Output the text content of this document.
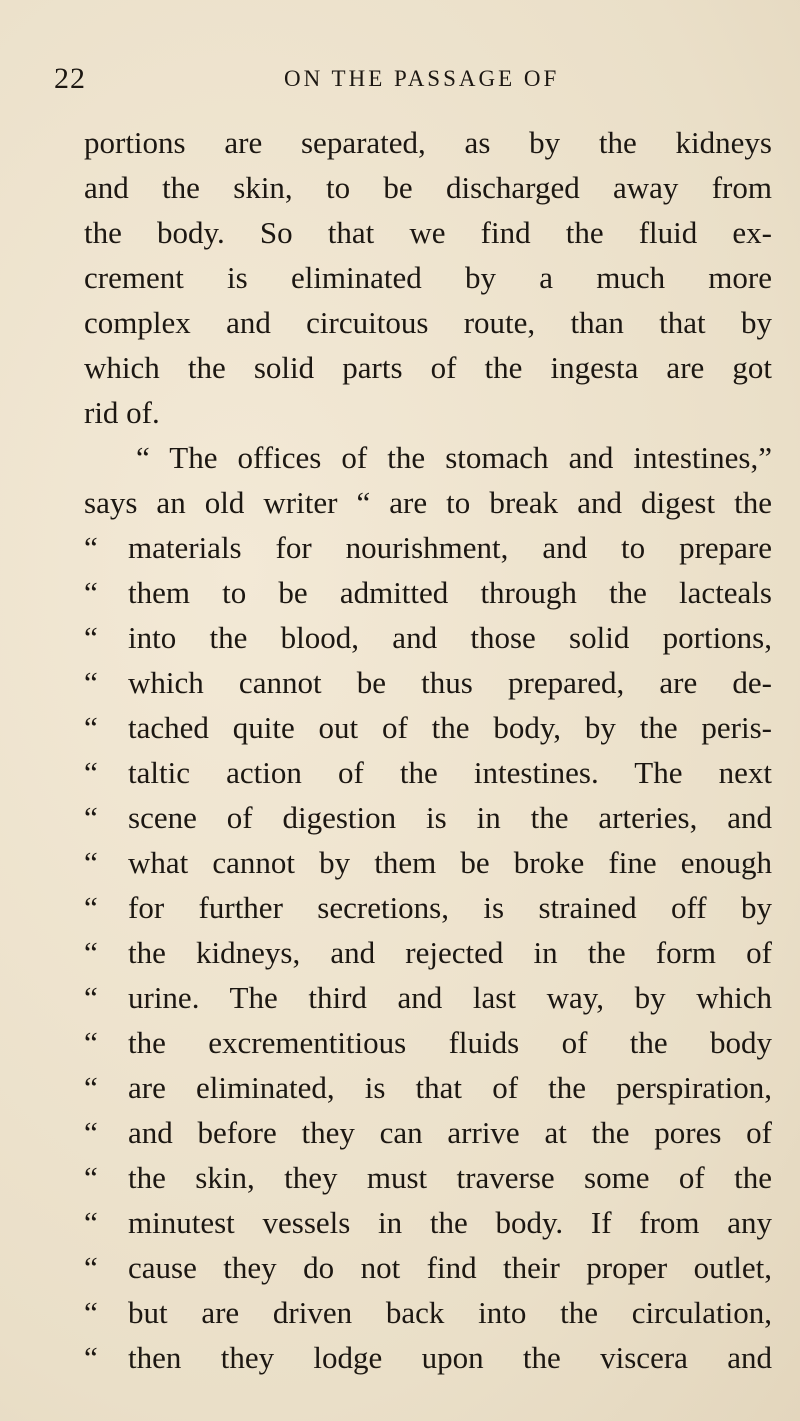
22	ON THE PASSAGE OF
portions are separated, as by the kidneys
and the skin, to be discharged away from
the body. So that we find the fluid ex-
crement is eliminated by a much more
complex and circuitous route, than that by
which the solid parts of the ingesta are got
rid of.
“ The offices of the stomach and intestines,”
says an old writer “ are to break and digest the
“ materials for nourishment, and to prepare
“ them to be admitted through the lacteals
“ into the blood, and those solid portions,
“ which cannot be thus prepared, are de-
“ tached quite out of the body, by the peris-
“ taltic action of the intestines. The next
“ scene of digestion is in the arteries, and
“ what cannot by them be broke fine enough
“ for further secretions, is strained off by
“ the kidneys, and rejected in the form of
“ urine. The third and last way, by which
“ the excrementitious fluids of the body
“ are eliminated, is that of the perspiration,
“ and before they can arrive at the pores of
“ the skin, they must traverse some of the
“ minutest vessels in the body. If from any
“ cause they do not find their proper outlet,
“ but are driven back into the circulation,
“ then they lodge upon the viscera and
